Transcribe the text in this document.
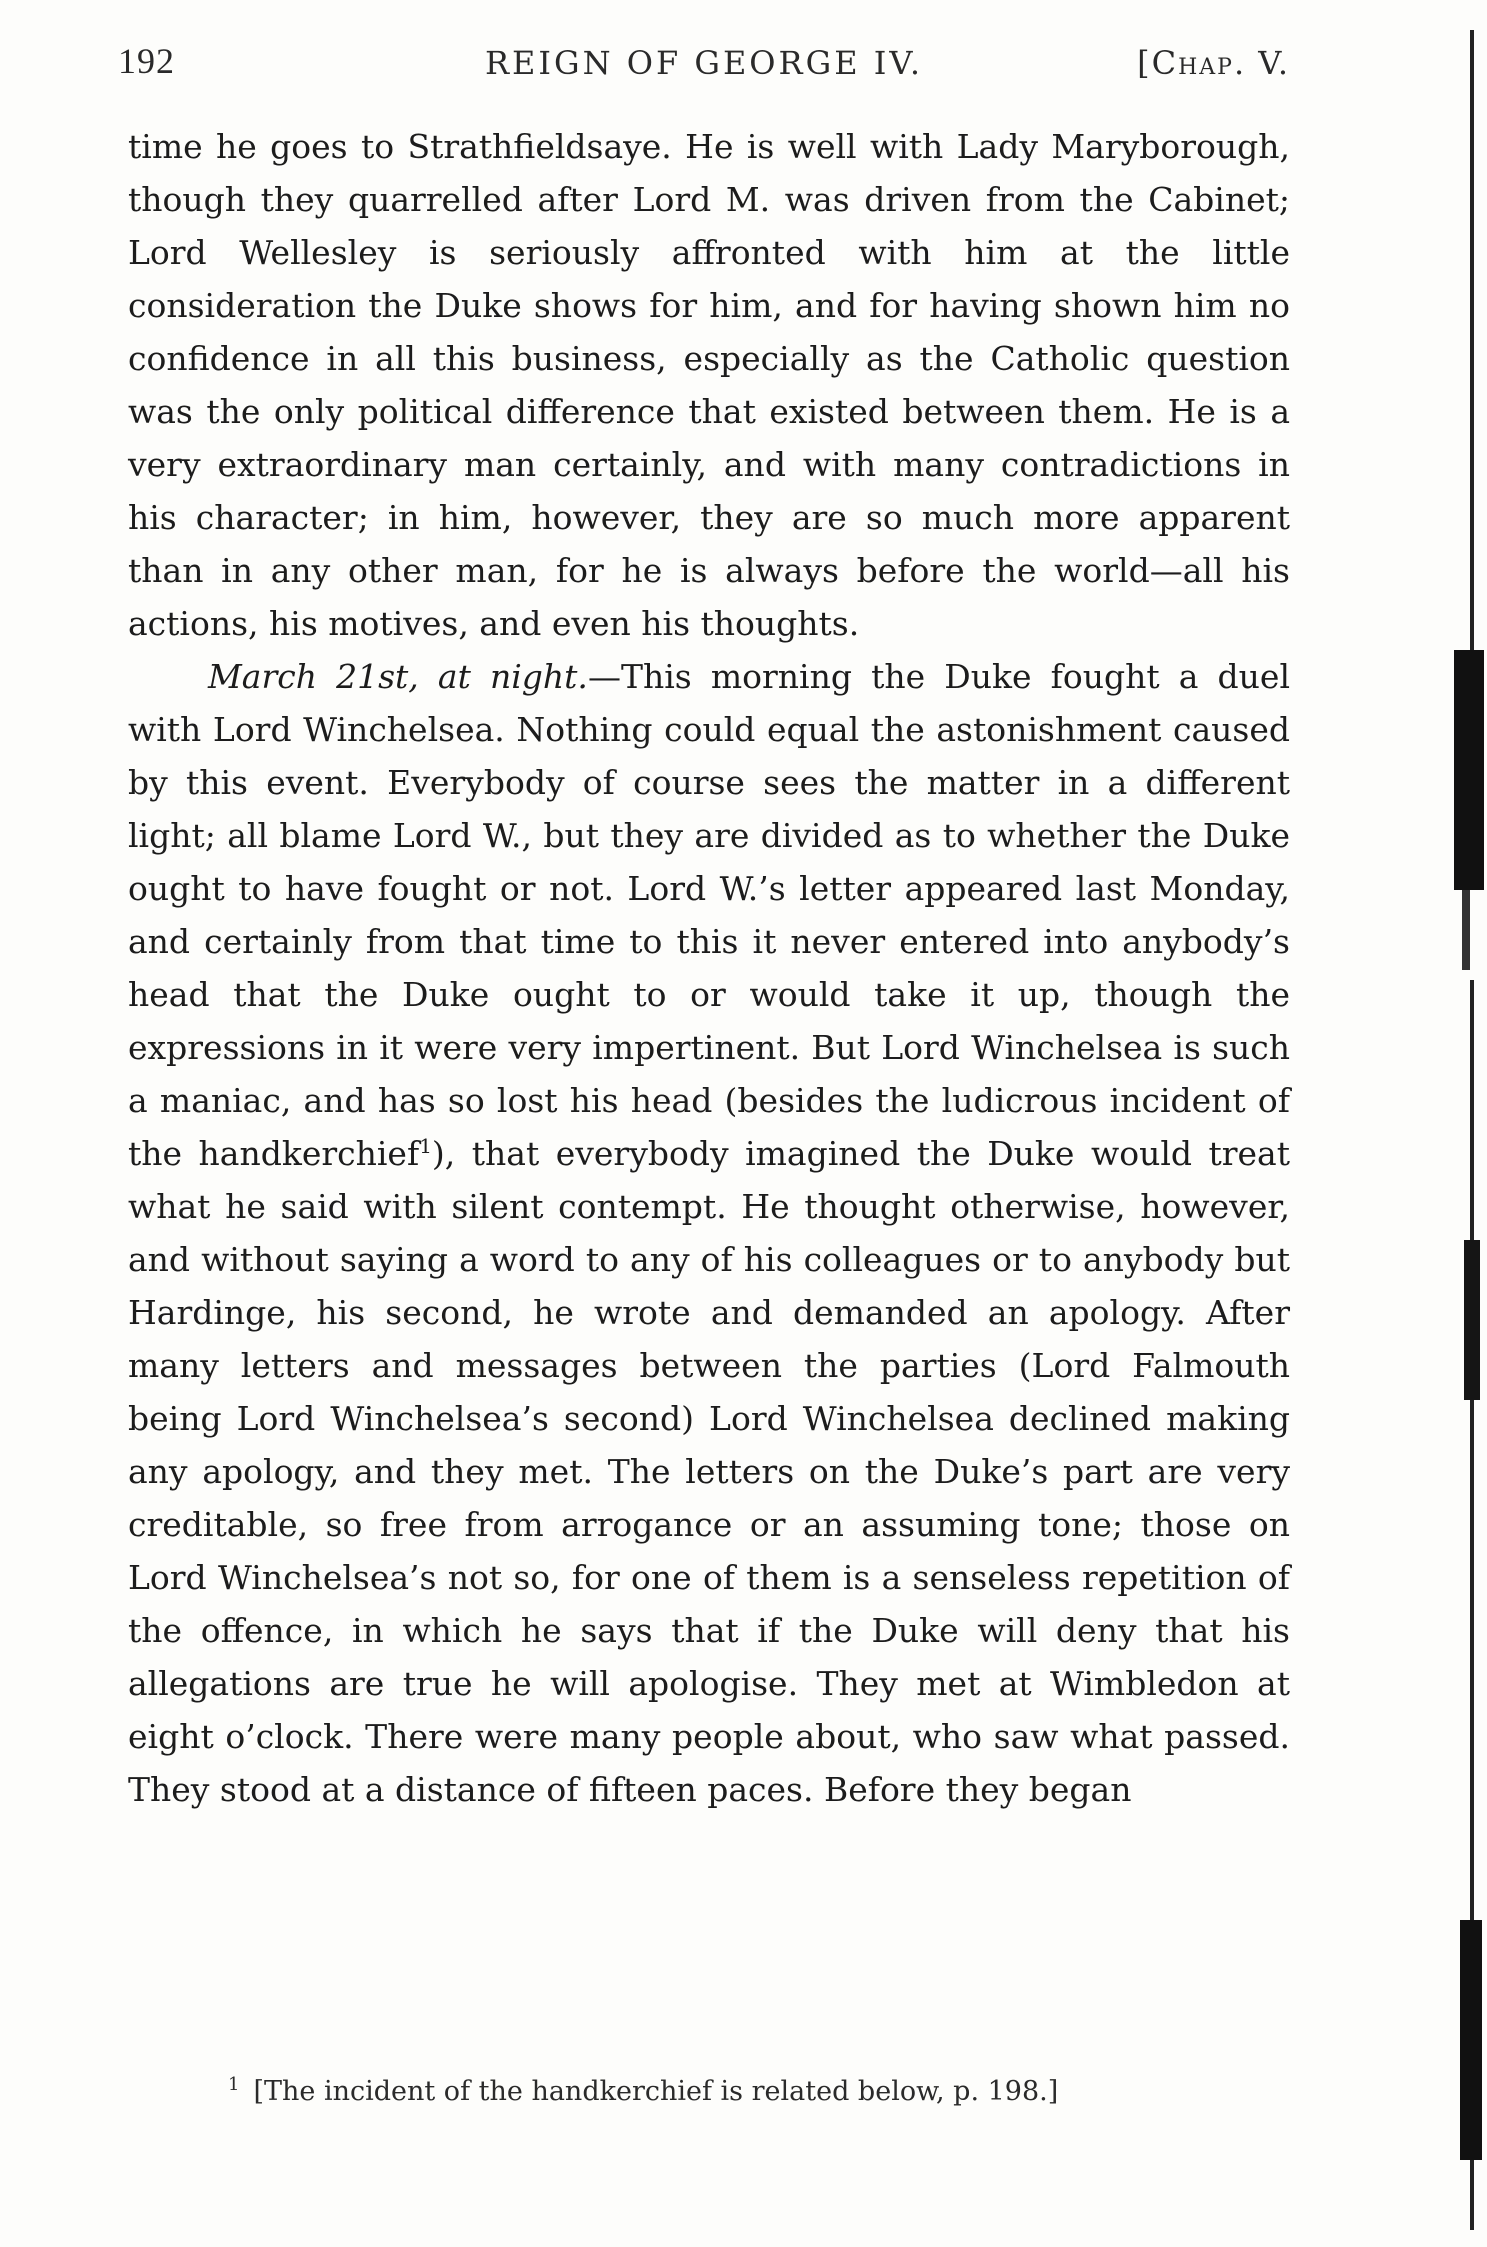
192	REIGN OF GEORGE IV.	[Chap. V.

time he goes to Strathfieldsaye. He is well with Lady Maryborough, though they quarrelled after Lord M. was driven from the Cabinet; Lord Wellesley is seriously affronted with him at the little consideration the Duke shows for him, and for having shown him no confidence in all this business, especially as the Catholic question was the only political difference that existed between them. He is a very extraordinary man certainly, and with many contradictions in his character; in him, however, they are so much more apparent than in any other man, for he is always before the world—all his actions, his motives, and even his thoughts.

March 21st, at night.—This morning the Duke fought a duel with Lord Winchelsea. Nothing could equal the astonishment caused by this event. Everybody of course sees the matter in a different light; all blame Lord W., but they are divided as to whether the Duke ought to have fought or not. Lord W.’s letter appeared last Monday, and certainly from that time to this it never entered into anybody’s head that the Duke ought to or would take it up, though the expressions in it were very impertinent. But Lord Winchelsea is such a maniac, and has so lost his head (besides the ludicrous incident of the handkerchief$^1$), that everybody imagined the Duke would treat what he said with silent contempt. He thought otherwise, however, and without saying a word to any of his colleagues or to anybody but Hardinge, his second, he wrote and demanded an apology. After many letters and messages between the parties (Lord Falmouth being Lord Winchelsea’s second) Lord Winchelsea declined making any apology, and they met. The letters on the Duke’s part are very creditable, so free from arrogance or an assuming tone; those on Lord Winchelsea’s not so, for one of them is a senseless repetition of the offence, in which he says that if the Duke will deny that his allegations are true he will apologise. They met at Wimbledon at eight o’clock. There were many people about, who saw what passed. They stood at a distance of fifteen paces. Before they began

$^1$ [The incident of the handkerchief is related below, p. 198.]
